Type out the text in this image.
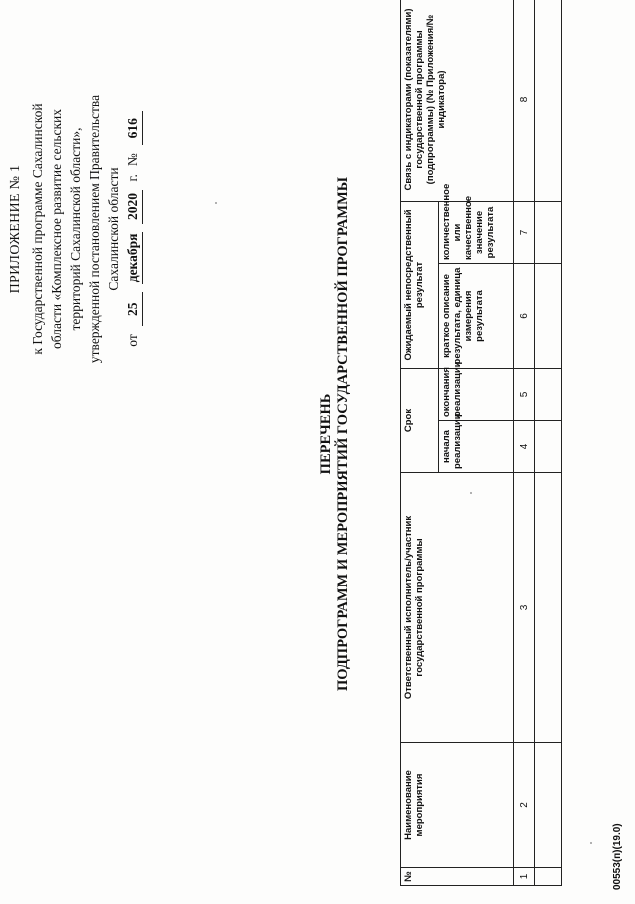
ПРИЛОЖЕНИЕ № 1 к Государственной программе Сахалинской области «Комплексное развитие сельских территорий Сахалинской области», утвержденной постановлением Правительства Сахалинской области
от
25
декабря
2020
г.
№
616
ПЕРЕЧЕНЬ ПОДПРОГРАММ И МЕРОПРИЯТИЙ ГОСУДАРСТВЕННОЙ ПРОГРАММЫ
№	Наименование мероприятия	Ответственный исполнитель/участник государственной программы	Срок		Ожидаемый непосредственный результат		Связь с индикаторами (показателями) государственной программы (подпрограммы) (№ Приложения/№ индикатора)
			начала реализации	окончания реализации	краткое описание результата, единица измерения результата	количественное или качественное значение результата	
1	2	3	4	5	6	7	8

00553(п)(19.0)
